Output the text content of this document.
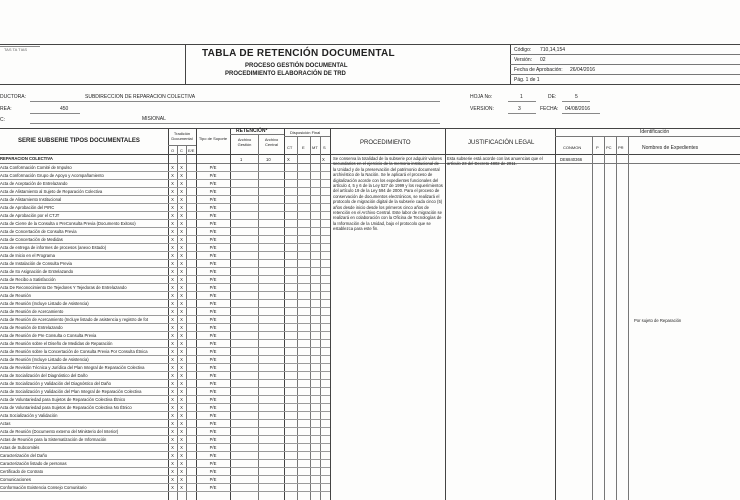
TAS TA TIAS	TABLA DE RETENCIÓN DOCUMENTAL
PROCESO GESTIÓN DOCUMENTAL
PROCEDIMIENTO ELABORACIÓN DE TRD
Código: 710,14,154
Versión: 02
Fecha de Aprobación: 26/04/2016
Pág. 1 de 1
DUCTORA:	SUBDIRECCION DE REPARACION COLECTIVA
REA:	450
C:	MISIONAL
HOJA No:	1	DE:	5
VERSION:	3	FECHA: 04/08/2016
SERIE SUBSERIE TIPOS DOCUMENTALES
Tradición Documental
O C E/E
Tipo de Soporte
RETENCIÓN*
Archivo Gestión
Archivo Central
Disposición Final
CT E MT S
PROCEDIMIENTO	JUSTIFICACIÓN LEGAL
Identificación
CONMON	P PC PR	Nombres de Expedientes
1	10	X	X	DE6840366
Se conserva la totalidad de la subserie por adquirir valores secundarios en el ejercicio de la memoria institucional de la Unidad y de la preservación del patrimonio documental archivístico de la Nación. Se le aplicará el proceso de digitalización acorde con los expedientes funcionales del artículo 4, 5 y 6 de la Ley 527 de 1999 y los requerimientos del artículo 19 de la Ley 594 de 2000. Para el proceso de conservación de documentos electrónicos, se realizará el protocolo de migración digital de la subserie cada cinco (5) años desde inicio desde los primeros cinco años de retención en el Archivo Central. Este labor de migración se realizará en colaboración con la Oficina de Tecnologías de la Información de la Unidad, bajo el protocolo que se establezca para este fin.
Esta subserie está acorde con las anuencias que el artículo 23 del Decreto 4802 de 2011.
Por sujeto de Reparación
REPARACION COLECTIVA
Acta Conformación Comité de Impulso	X	X	P/E
Acta Conformación Grupo de Apoyo y Acompañamiento	X	X	P/E
Acta de Aceptación de Entrelazando	X	X	P/E
Acta de Alistamiento al Sujeto de Reparación Colectiva	X	X	P/E
Acta de Alistamiento Institucional	X	X	P/E
Acta de Aprobación del PIRC	X	X	P/E
Acta de Aprobación por el CTJT	X	X	P/E
Acta de Cierre de la Consulta o PreConsulta Previa (Documento Exitoso)	X	X	P/E
Acta de Concertación de Consulta Previa	X	X	P/E
Acta de Concertación de Medidas	X	X	P/E
Acta de entrega de informes de procesos (anexo Estado)	X	X	P/E
Acta de Inicio en el Programa	X	X	P/E
Acta de Instalación de Consulta Previa	X	X	P/E
Acta de Ito Asignación de Entrelazando	X	X	P/E
Acta de Recibo a Satisfacción	X	X	P/E
Acta De Reconocimiento De Tejedores Y Tejedoras de Entrelazando	X	X	P/E
Acta de Reunión	X	X	P/E
Acta de Reunión (Incluye Listado de Asistencia)	X	X	P/E
Acta de Reunión de Acercamiento	X	X	P/E
Acta de Reunión de Acercamiento (Incluye listado de asistencia y registro de fot	X	X	P/E
Acta de Reunión de Entrelazando	X	X	P/E
Acta de Reunión de Pre Consulta o Consulta Previa	X	X	P/E
Acta de Reunión sobre el Diseño de Medidas de Reparación	X	X	P/E
Acta de Reunión sobre la Concertación de Consulta Previa Por Consulta Étnica	X	X	P/E
Acta de Reunión (Incluye Listado de Asistencia)	X	X	P/E
Acta de Revisión Técnica y Jurídica del Plan Integral de Reparación Colectiva	X	X	P/E
Acta de Socialización del Diagnóstico del Daño	X	X	P/E
Acta de Socialización y Validación del Diagnóstico del Daño	X	X	P/E
Acta de Socialización y Validación del Plan Integral de Reparación Colectiva	X	X	P/E
Acta de Voluntariedad para Sujetos de Reparación Colectiva Étnico	X	X	P/E
Acta de Voluntariedad para Sujetos de Reparación Colectiva No Étnico	X	X	P/E
Acta Socialización y Validación	X	X	P/E
Actas	X	X	P/E
Acta de Reunión (Documento externo del Ministerio del Interior)	X	X	P/E
Actas de Reunión para la Sistematización de Información	X	X	P/E
Actas de Subcomités	X	X	P/E
Caracterización del Daño	X	X	P/E
Caracterización listado de personas	X	X	P/E
Certificado de Contrato	X	X	P/E
Comunicaciones	X	X	P/E
Conformación Existencia Consejo Comunitario	X	X	P/E
